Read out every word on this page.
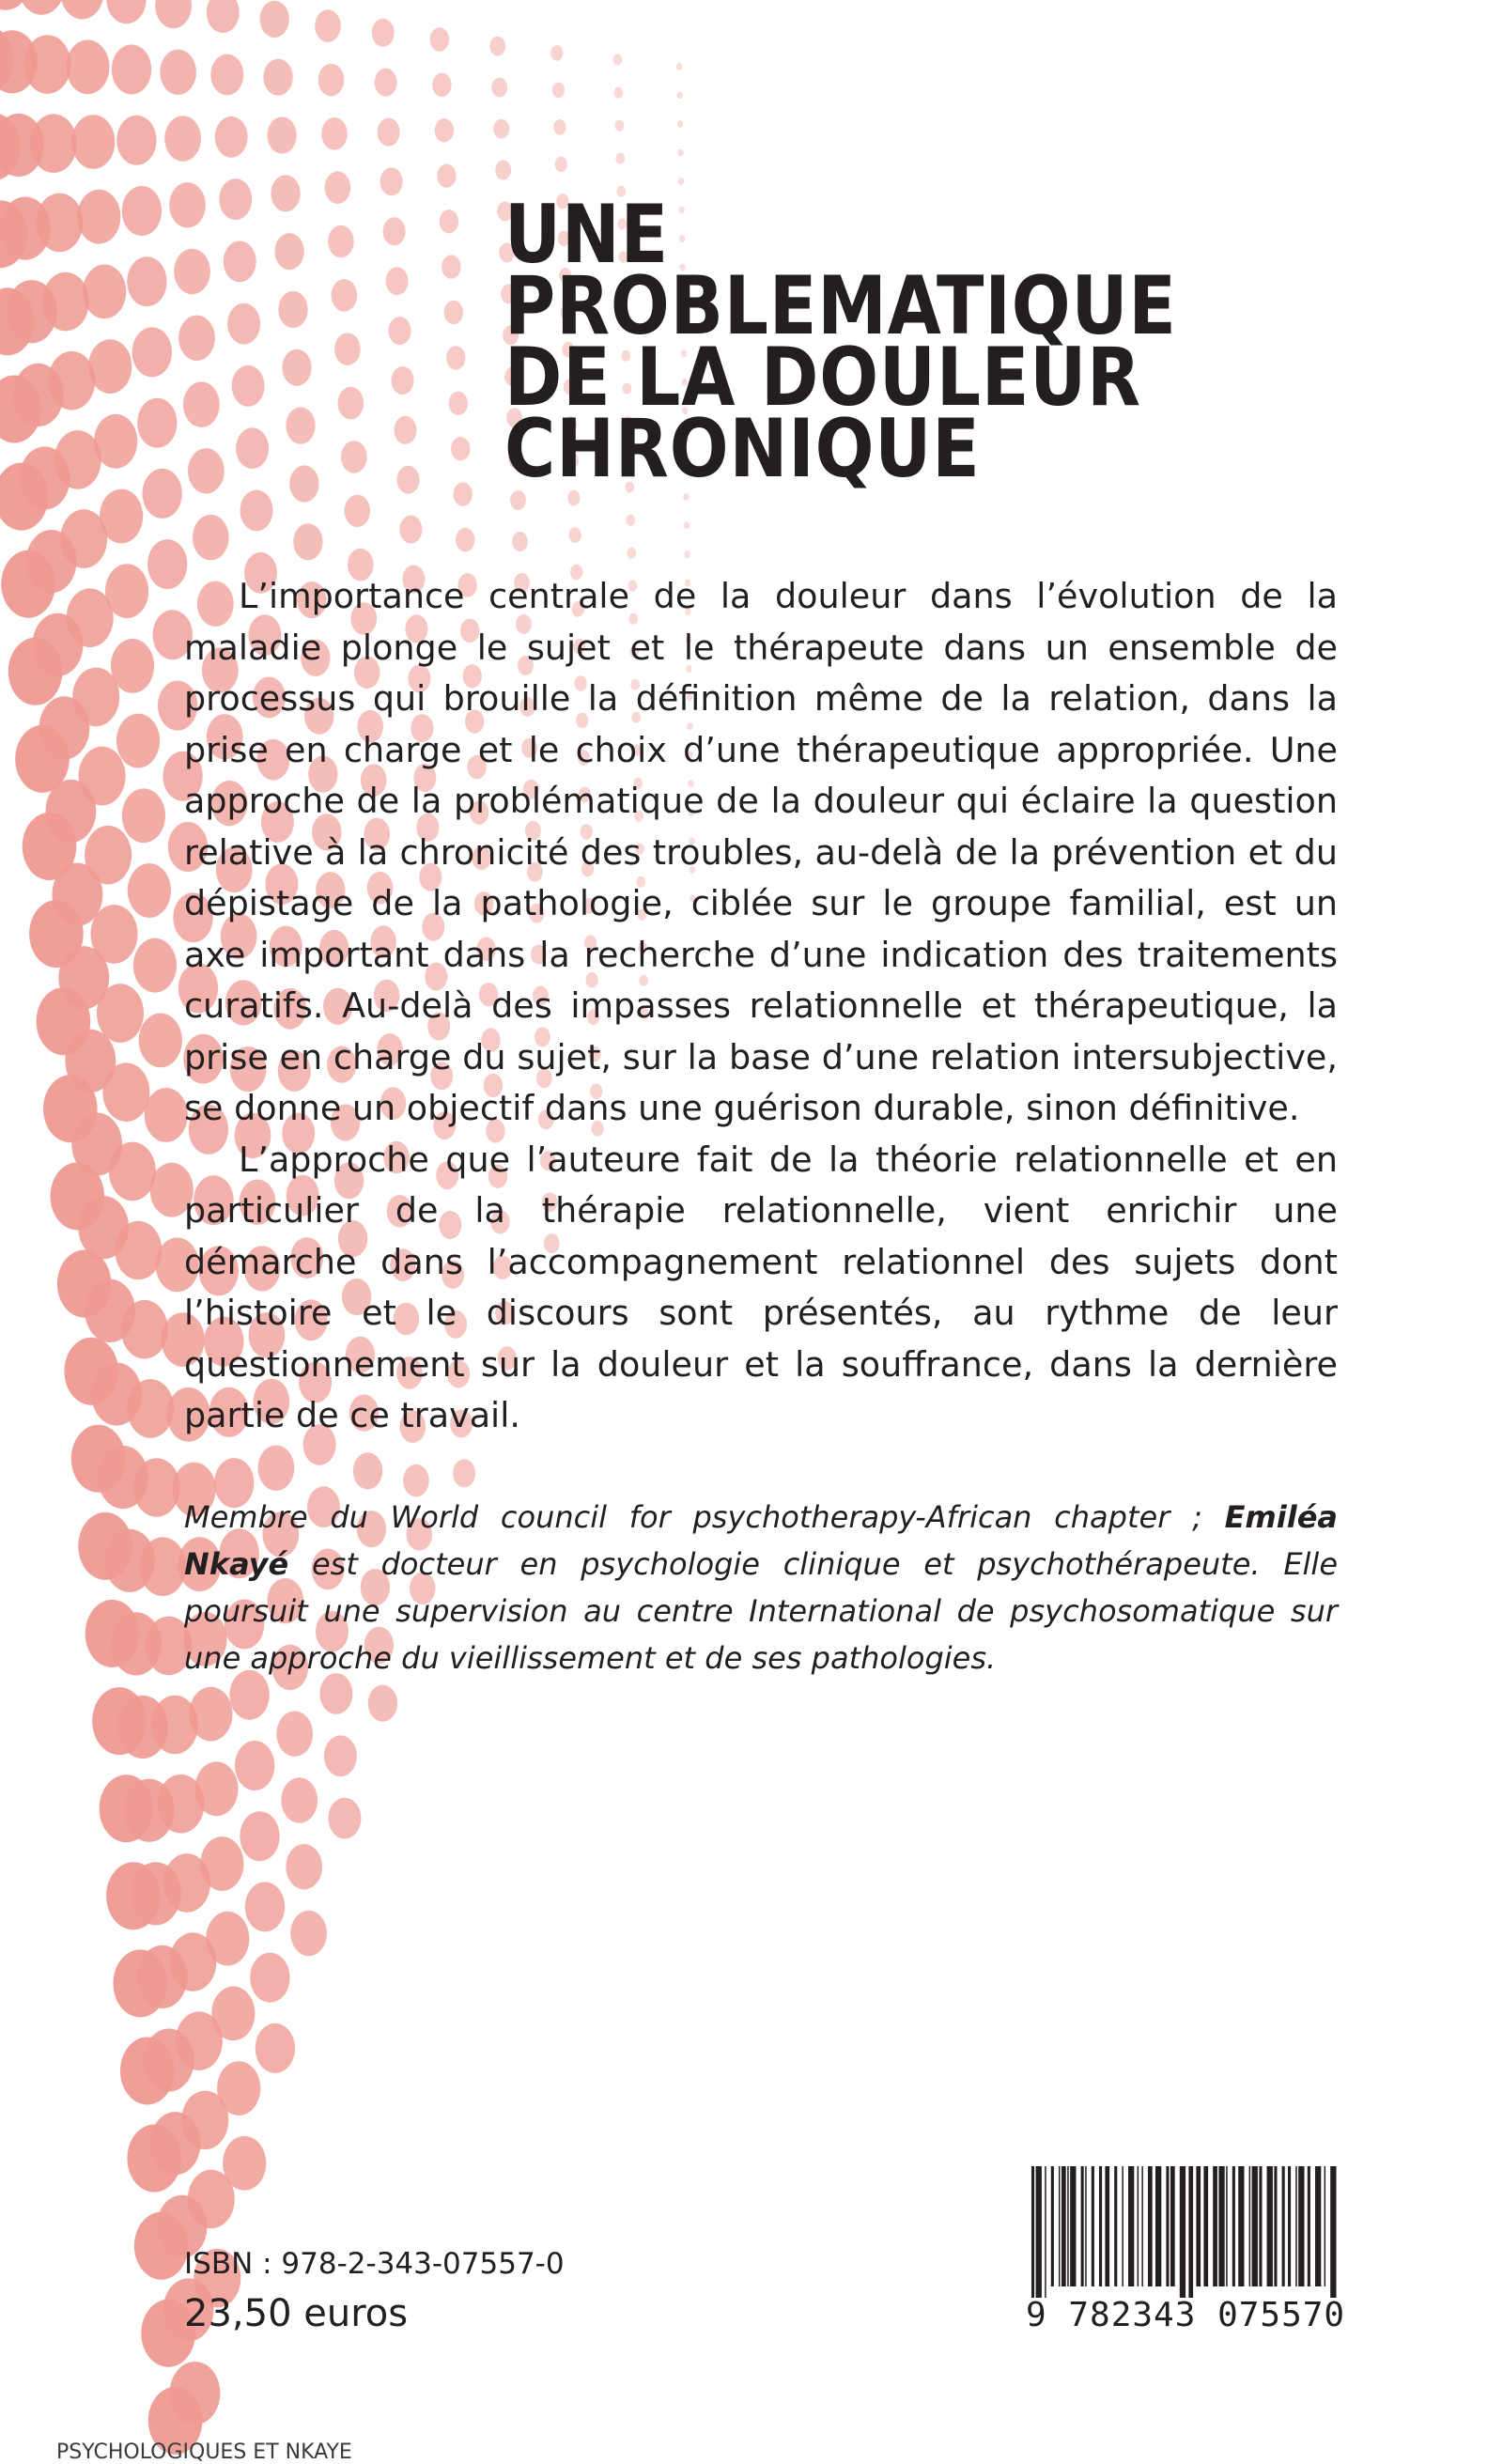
UNE PROBLEMATIQUE
DE LA DOULEUR
CHRONIQUE

L’importance centrale de la douleur dans l’évolution de la maladie plonge le sujet et le thérapeute dans un ensemble de processus qui brouille la définition même de la relation, dans la prise en charge et le choix d’une thérapeutique appropriée. Une approche de la problématique de la douleur qui éclaire la question relative à la chronicité des troubles, au-delà de la prévention et du dépistage de la pathologie, ciblée sur le groupe familial, est un axe important dans la recherche d’une indication des traitements curatifs. Au-delà des impasses relationnelle et thérapeutique, la prise en charge du sujet, sur la base d’une relation intersubjective, se donne un objectif dans une guérison durable, sinon définitive.

L’approche que l’auteure fait de la théorie relationnelle et en particulier de la thérapie relationnelle, vient enrichir une démarche dans l’accompagnement relationnel des sujets dont l’histoire et le discours sont présentés, au rythme de leur questionnement sur la douleur et la souffrance, dans la dernière partie de ce travail.

Membre du World council for psychotherapy-African chapter ; Emiléa Nkayé est docteur en psychologie clinique et psychothérapeute. Elle poursuit une supervision au centre International de psychosomatique sur une approche du vieillissement et de ses pathologies.
ISBN : 978-2-343-07557-0
23,50 euros	9 782343 075570
PSYCHOLOGIQUES ET NKAYE
